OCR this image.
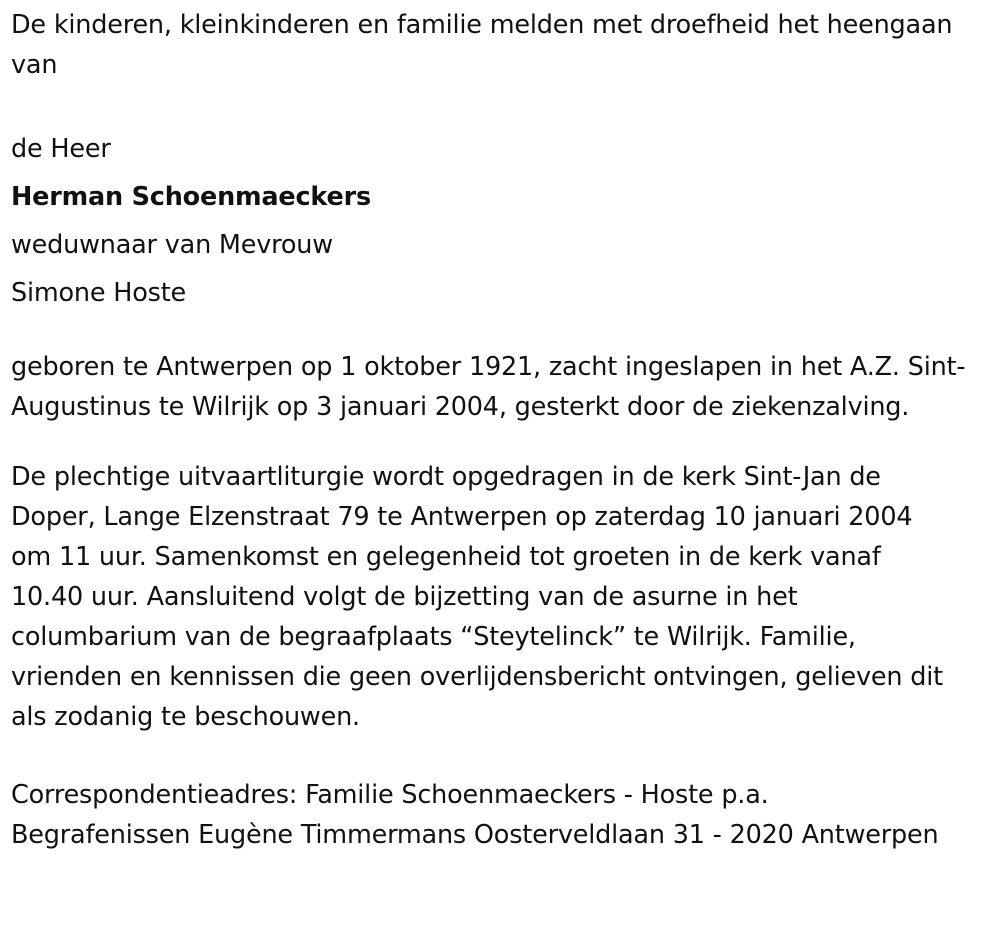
De kinderen, kleinkinderen en familie melden met droefheid het heengaan van

de Heer

Herman Schoenmaeckers

weduwnaar van Mevrouw

Simone Hoste

geboren te Antwerpen op 1 oktober 1921, zacht ingeslapen in het A.Z. Sint-Augustinus te Wilrijk op 3 januari 2004, gesterkt door de ziekenzalving.

De plechtige uitvaartliturgie wordt opgedragen in de kerk Sint-Jan de

Doper, Lange Elzenstraat 79 te Antwerpen op zaterdag 10 januari 2004

om 11 uur. Samenkomst en gelegenheid tot groeten in de kerk vanaf

10.40 uur. Aansluitend volgt de bijzetting van de asurne in het

columbarium van de begraafplaats “Steytelinck” te Wilrijk. Familie,

vrienden en kennissen die geen overlijdensbericht ontvingen, gelieven dit

als zodanig te beschouwen.

Correspondentieadres: Familie Schoenmaeckers - Hoste p.a.

Begrafenissen Eugène Timmermans Oosterveldlaan 31 - 2020 Antwerpen
